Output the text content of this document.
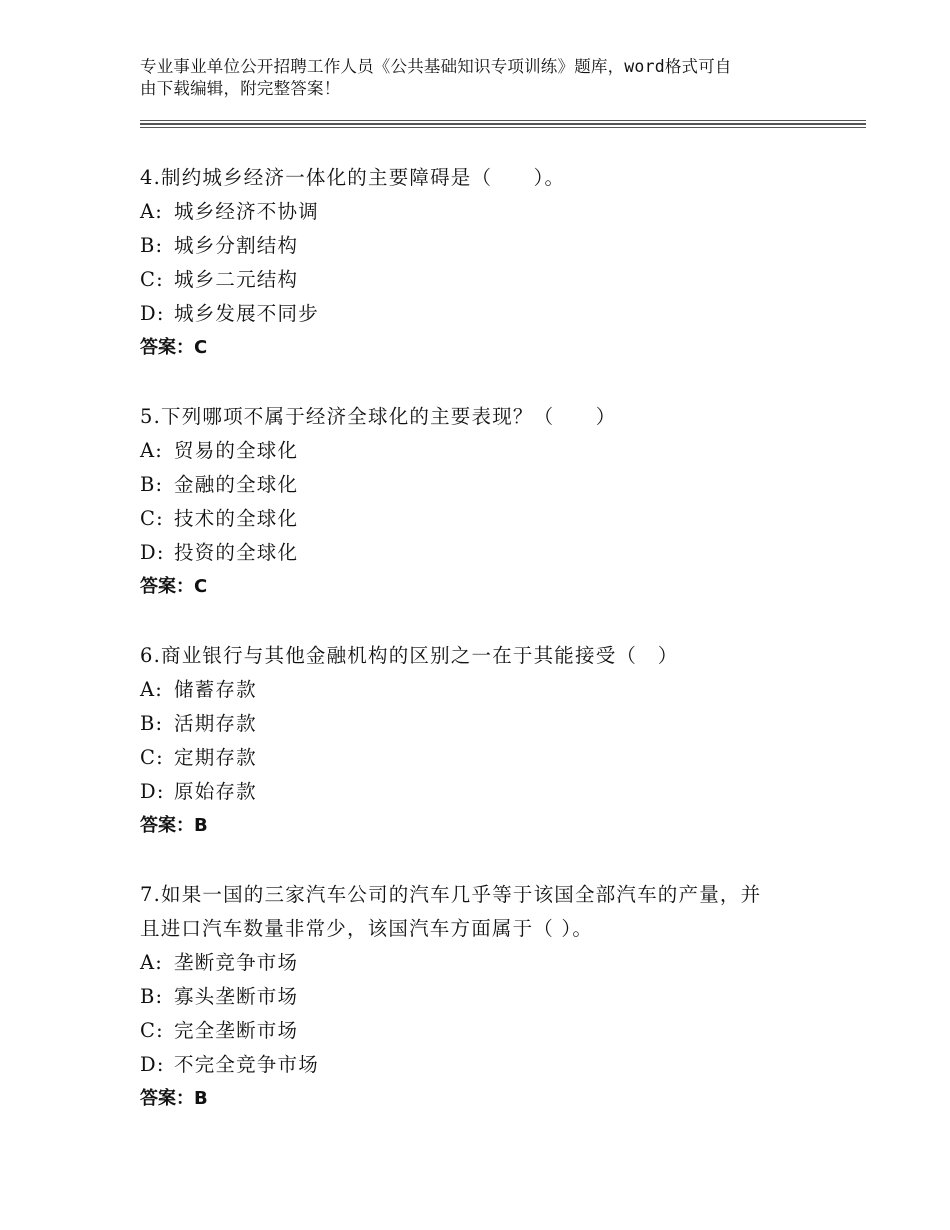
专业事业单位公开招聘工作人员《公共基础知识专项训练》题库，word格式可自
由下载编辑，附完整答案！

4.制约城乡经济一体化的主要障碍是（　　）。

A: 城乡经济不协调

B: 城乡分割结构

C: 城乡二元结构

D: 城乡发展不同步

答案：C

5.下列哪项不属于经济全球化的主要表现？（　　）

A: 贸易的全球化

B: 金融的全球化

C: 技术的全球化

D: 投资的全球化

答案：C

6.商业银行与其他金融机构的区别之一在于其能接受（　）

A: 储蓄存款

B: 活期存款

C: 定期存款

D: 原始存款

答案：B

7.如果一国的三家汽车公司的汽车几乎等于该国全部汽车的产量，并

且进口汽车数量非常少，该国汽车方面属于（ ）。

A: 垄断竞争市场

B: 寡头垄断市场

C: 完全垄断市场

D: 不完全竞争市场

答案：B
